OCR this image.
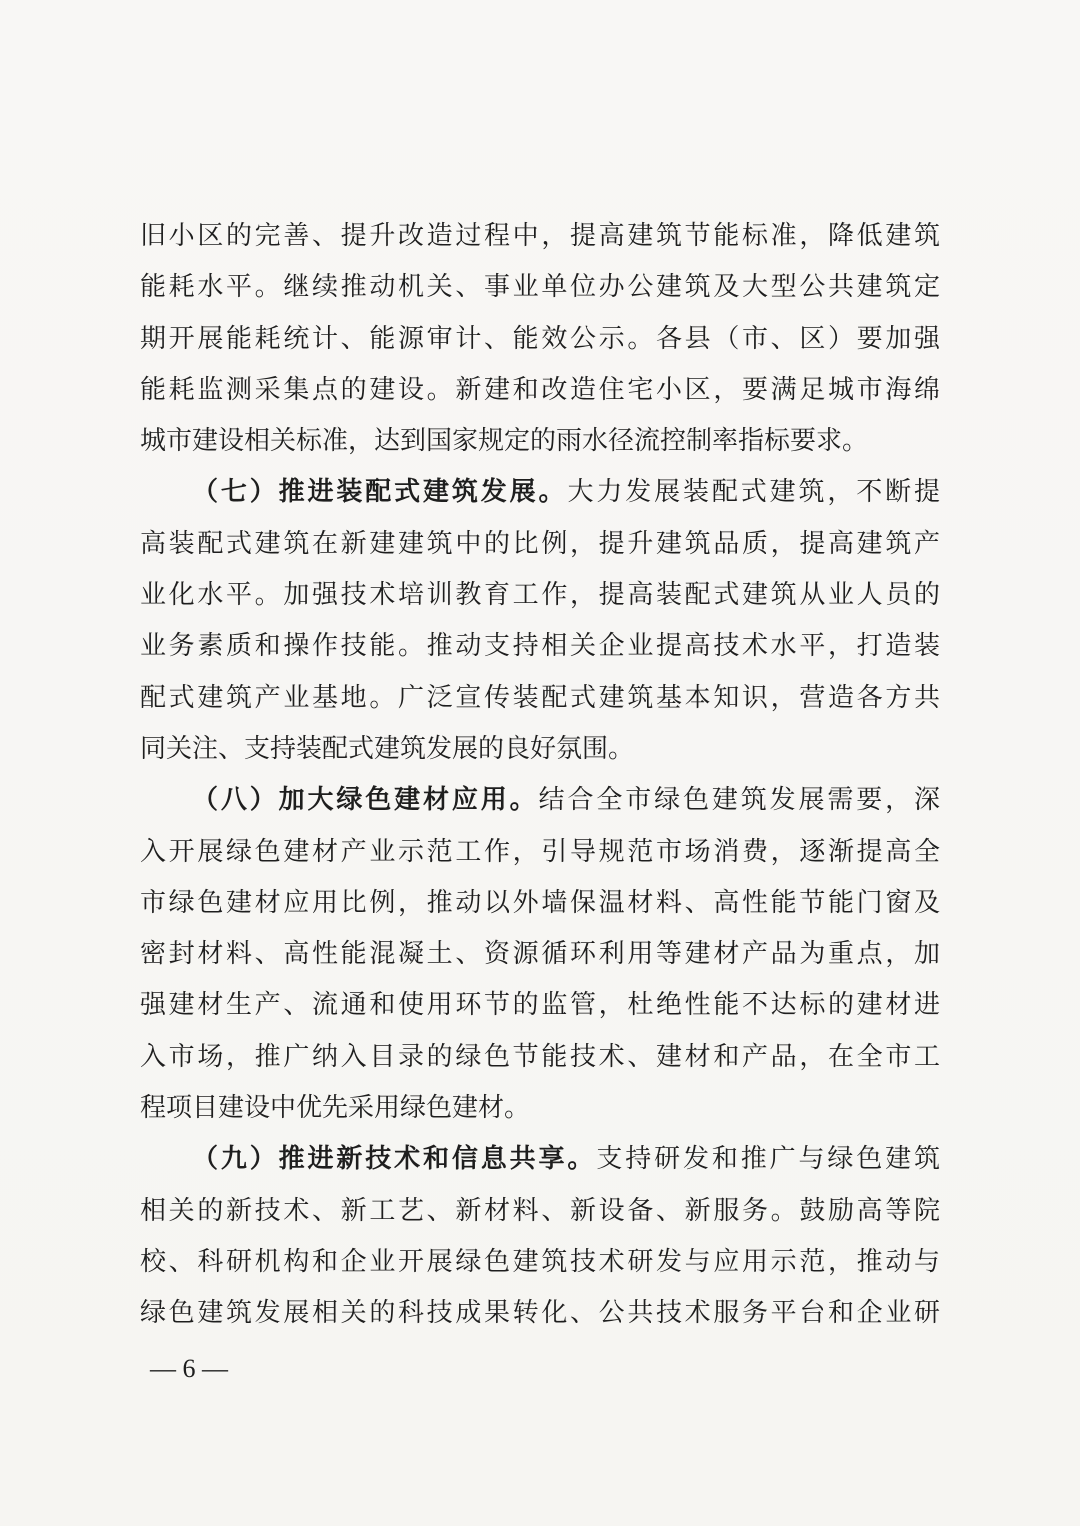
旧小区的完善、提升改造过程中，提高建筑节能标准，降低建筑
能耗水平。继续推动机关、事业单位办公建筑及大型公共建筑定
期开展能耗统计、能源审计、能效公示。各县（市、区）要加强
能耗监测采集点的建设。新建和改造住宅小区，要满足城市海绵
城市建设相关标准，达到国家规定的雨水径流控制率指标要求。
（七）推进装配式建筑发展。大力发展装配式建筑，不断提
高装配式建筑在新建建筑中的比例，提升建筑品质，提高建筑产
业化水平。加强技术培训教育工作，提高装配式建筑从业人员的
业务素质和操作技能。推动支持相关企业提高技术水平，打造装
配式建筑产业基地。广泛宣传装配式建筑基本知识，营造各方共
同关注、支持装配式建筑发展的良好氛围。
（八）加大绿色建材应用。结合全市绿色建筑发展需要，深
入开展绿色建材产业示范工作，引导规范市场消费，逐渐提高全
市绿色建材应用比例，推动以外墙保温材料、高性能节能门窗及
密封材料、高性能混凝土、资源循环利用等建材产品为重点，加
强建材生产、流通和使用环节的监管，杜绝性能不达标的建材进
入市场，推广纳入目录的绿色节能技术、建材和产品，在全市工
程项目建设中优先采用绿色建材。
（九）推进新技术和信息共享。支持研发和推广与绿色建筑
相关的新技术、新工艺、新材料、新设备、新服务。鼓励高等院
校、科研机构和企业开展绿色建筑技术研发与应用示范，推动与
绿色建筑发展相关的科技成果转化、公共技术服务平台和企业研
— 6 —
